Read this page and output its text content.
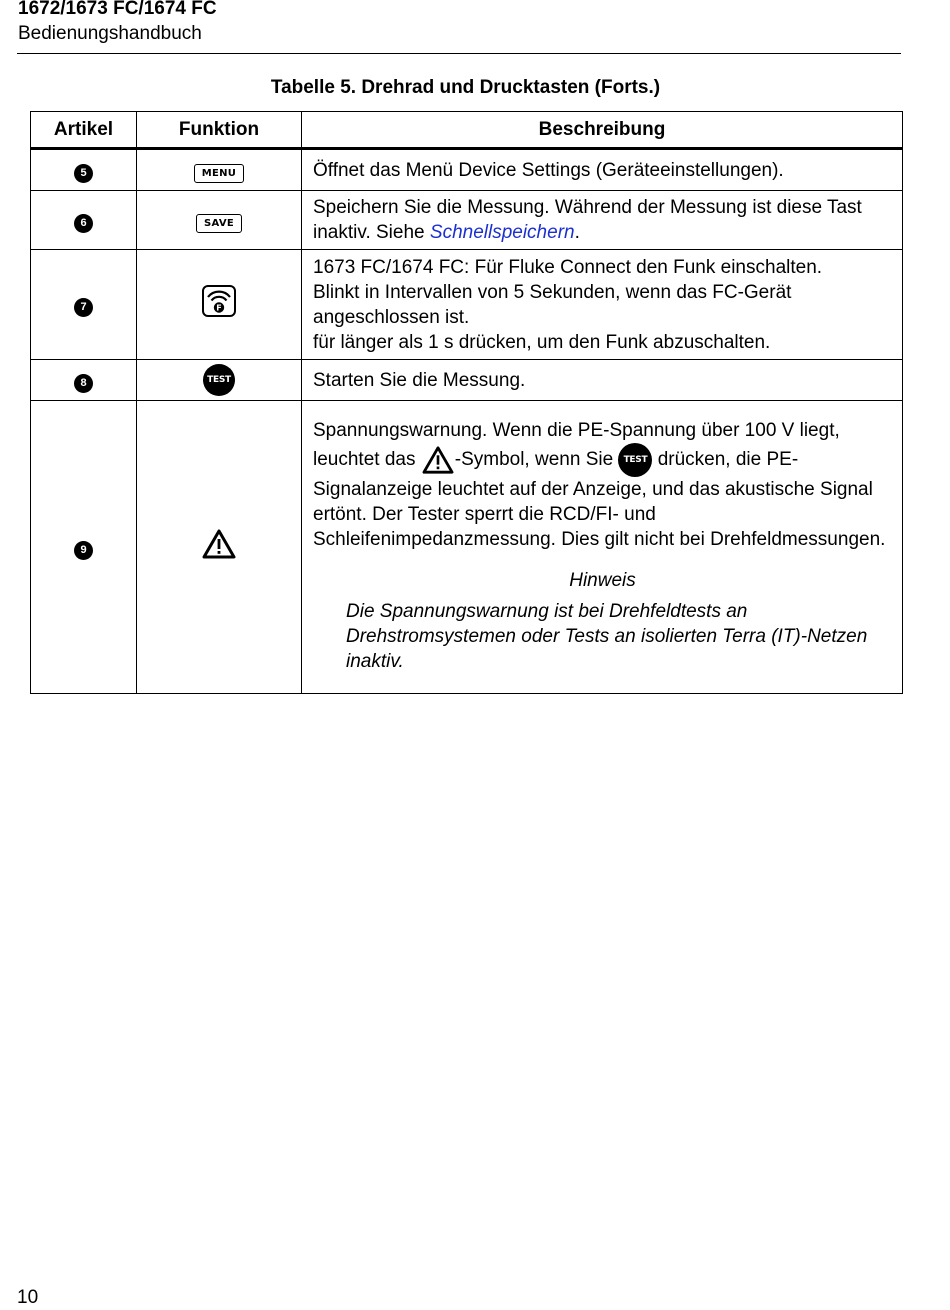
1672/1673 FC/1674 FC
Bedienungshandbuch
Tabelle 5. Drehrad und Drucktasten (Forts.)
Artikel	Funktion	Beschreibung
5	MENU	Öffnet das Menü Device Settings (Geräteeinstellungen).
6	SAVE	Speichern Sie die Messung. Während der Messung ist diese Tast inaktiv. Siehe Schnellspeichern.
7	F	1673 FC/1674 FC: Für Fluke Connect den Funk einschalten.
Blinkt in Intervallen von 5 Sekunden, wenn das FC-Gerät angeschlossen ist.
für länger als 1 s drücken, um den Funk abzuschalten.

8	TEST	Starten Sie die Messung.
9		Spannungswarnung. Wenn die PE-Spannung über 100 V liegt, leuchtet das -Symbol, wenn Sie TEST drücken, die PE-Signalanzeige leuchtet auf der Anzeige, und das akustische Signal ertönt. Der Tester sperrt die RCD/FI- und Schleifenimpedanzmessung. Dies gilt nicht bei Drehfeldmessungen.
Hinweis
Die Spannungswarnung ist bei Drehfeldtests an Drehstromsystemen oder Tests an isolierten Terra (IT)-Netzen inaktiv.
10
